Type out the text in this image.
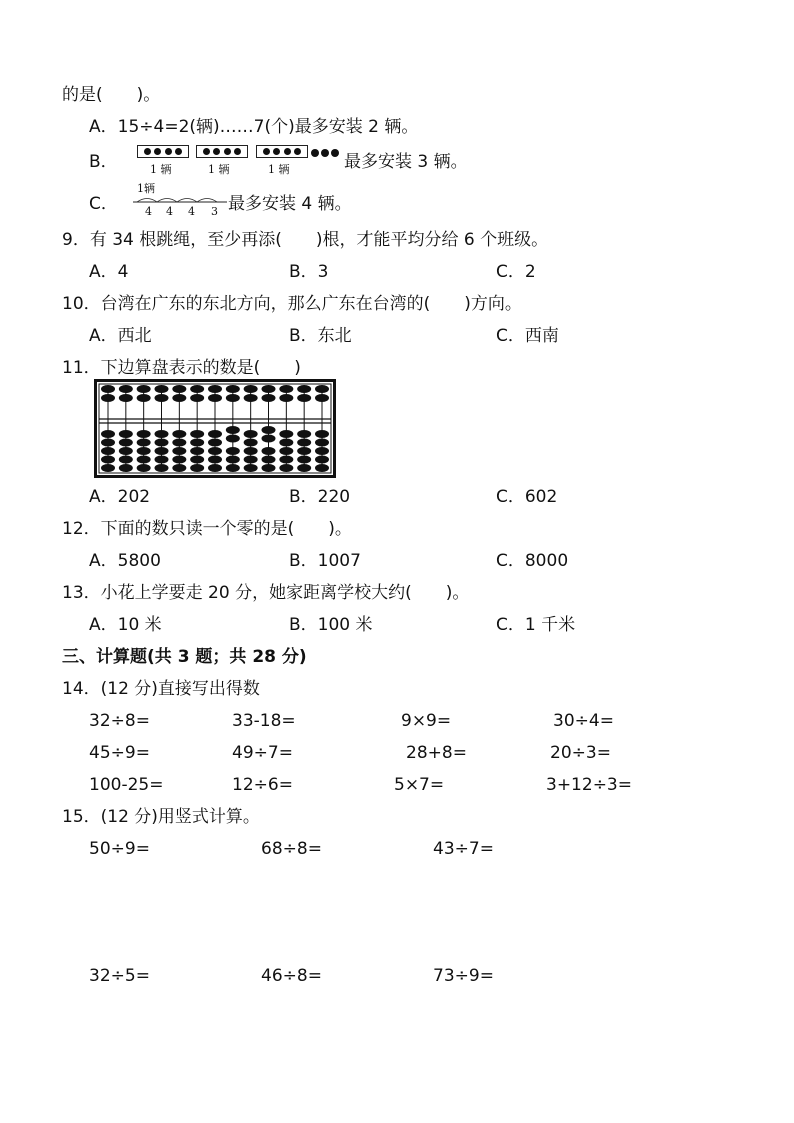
的是(　　)。
A．15÷4=2(辆)……7(个)最多安装 2 辆。
B．	1 辆	1 辆	1 辆	最多安装 3 辆。
C．
1辆
4 4 4 3 最多安装 4 辆。
9．有 34 根跳绳，至少再添(　　)根，才能平均分给 6 个班级。
A．4	B．3	C．2
10．台湾在广东的东北方向，那么广东在台湾的(　　)方向。
A．西北	B．东北	C．西南
11．下边算盘表示的数是(　　)
A．202	B．220	C．602
12．下面的数只读一个零的是(　　)。
A．5800	B．1007	C．8000
13．小花上学要走 20 分，她家距离学校大约(　　)。
A．10 米	B．100 米	C．1 千米
三、计算题(共 3 题；共 28 分)
14．(12 分)直接写出得数
32÷8=	33-18=	9×9=	30÷4=
45÷9=	49÷7=	28+8=	20÷3=
100-25=	12÷6=	5×7=	3+12÷3=
15．(12 分)用竖式计算。
50÷9=	68÷8=	43÷7=
32÷5=	46÷8=	73÷9=
